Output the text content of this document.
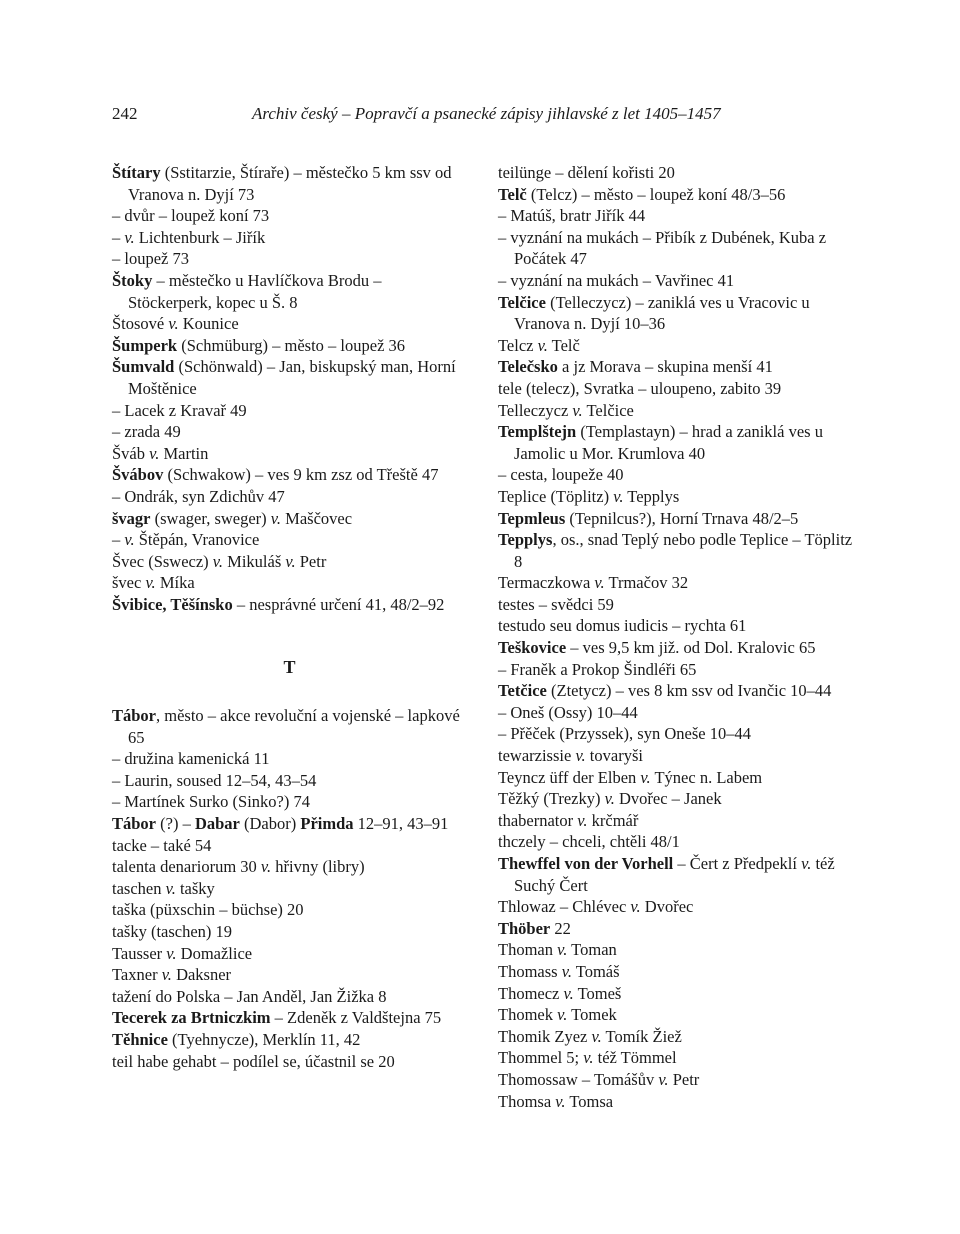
242	Archiv český – Popravčí a psanecké zápisy jihlavské z let 1405–1457
Štítary (Sstitarzie, Štíraře) – městečko 5 km ssv od Vranova n. Dyjí 73
– dvůr – loupež koní 73
– v. Lichtenburk – Jiřík
– loupež 73
Štoky – městečko u Havlíčkova Brodu – Stöckerperk, kopec u Š. 8
Štosové v. Kounice
Šumperk (Schmüburg) – město – loupež 36
Šumvald (Schönwald) – Jan, biskupský man, Horní Moštěnice
– Lacek z Kravař 49
– zrada 49
Šváb v. Martin
Švábov (Schwakow) – ves 9 km zsz od Třeště 47
– Ondrák, syn Zdichův 47
švagr (swager, sweger) v. Maščovec
– v. Štěpán, Vranovice
Švec (Sswecz) v. Mikuláš v. Petr
švec v. Míka
Švibice, Těšínsko – nesprávné určení 41, 48/2–92
T
Tábor, město – akce revoluční a vojenské – lapkové 65
– družina kamenická 11
– Laurin, soused 12–54, 43–54
– Martínek Surko (Sinko?) 74
Tábor (?) – Dabar (Dabor) Přimda 12–91, 43–91
tacke – také 54
talenta denariorum 30 v. hřivny (libry)
taschen v. tašky
taška (püxschin – büchse) 20
tašky (taschen) 19
Tausser v. Domažlice
Taxner v. Daksner
tažení do Polska – Jan Anděl, Jan Žižka 8
Tecerek za Brtniczkim – Zdeněk z Valdštejna 75
Těhnice (Tyehnycze), Merklín 11, 42
teil habe gehabt – podílel se, účastnil se 20
teilünge – dělení kořisti 20
Telč (Telcz) – město – loupež koní 48/3–56
– Matúš, bratr Jiřík 44
– vyznání na mukách – Přibík z Dubének, Kuba z Počátek 47
– vyznání na mukách – Vavřinec 41
Telčice (Telleczycz) – zaniklá ves u Vracovic u Vranova n. Dyjí 10–36
Telcz v. Telč
Telečsko a jz Morava – skupina menší 41
tele (telecz), Svratka – uloupeno, zabito 39
Telleczycz v. Telčice
Templštejn (Templastayn) – hrad a zaniklá ves u Jamolic u Mor. Krumlova 40
– cesta, loupeže 40
Teplice (Töplitz) v. Tepplys
Tepmleus (Tepnilcus?), Horní Trnava 48/2–5
Tepplys, os., snad Teplý nebo podle Teplice – Töplitz 8
Termaczkowa v. Trmačov 32
testes – svědci 59
testudo seu domus iudicis – rychta 61
Teškovice – ves 9,5 km již. od Dol. Kralovic 65
– Franěk a Prokop Šindléři 65
Tetčice (Ztetycz) – ves 8 km ssv od Ivančic 10–44
– Oneš (Ossy) 10–44
– Přěček (Przyssek), syn Oneše 10–44
tewarzissie v. tovaryši
Teyncz üff der Elben v. Týnec n. Labem
Těžký (Trezky) v. Dvořec – Janek
thabernator v. krčmář
thczely – chceli, chtěli 48/1
Thewffel von der Vorhell – Čert z Předpeklí v. též Suchý Čert
Thlowaz – Chlévec v. Dvořec
Thöber 22
Thoman v. Toman
Thomass v. Tomáš
Thomecz v. Tomeš
Thomek v. Tomek
Thomik Zyez v. Tomík Žiež
Thommel 5; v. též Tömmel
Thomossaw – Tomášův v. Petr
Thomsa v. Tomsa
